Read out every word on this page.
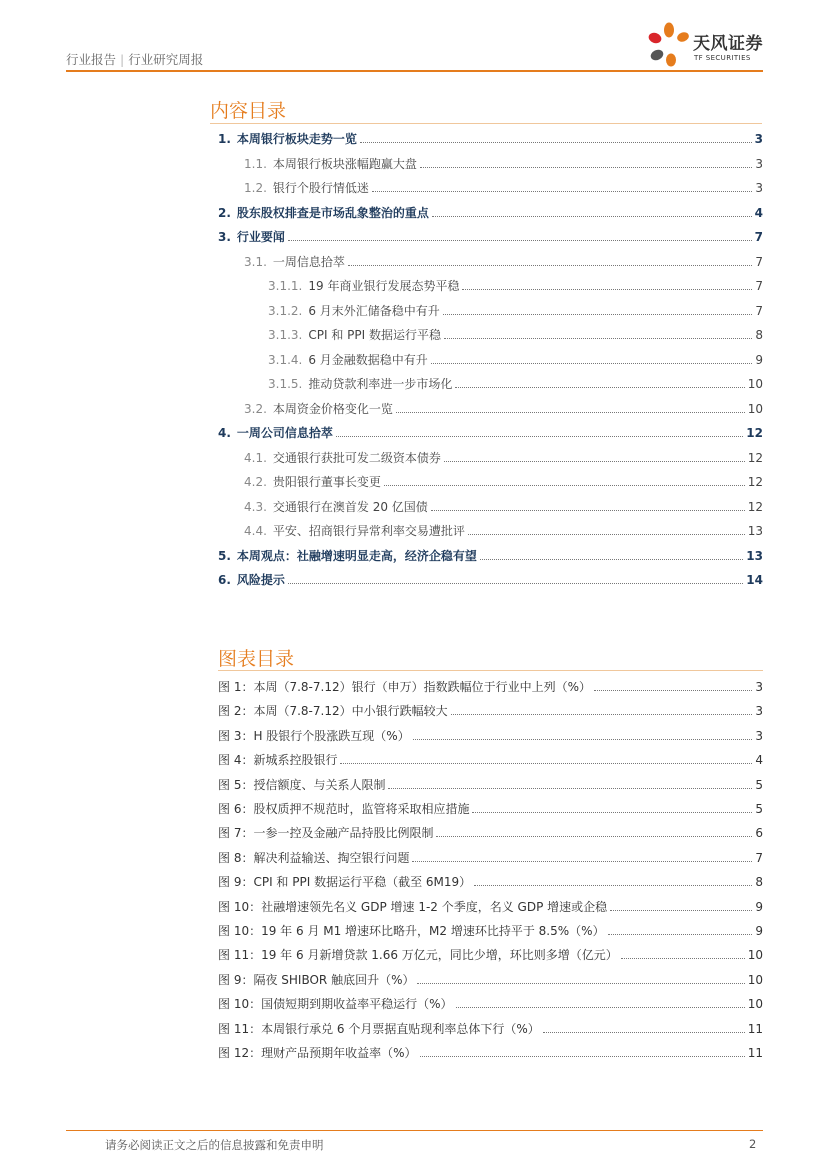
行业报告 | 行业研究周报
天风证券
TF SECURITIES
内容目录
1. 本周银行板块走势一览	3
1.1. 本周银行板块涨幅跑赢大盘	3
1.2. 银行个股行情低迷	3
2. 股东股权排查是市场乱象整治的重点	4
3. 行业要闻	7
3.1. 一周信息拾萃	7
3.1.1. 19 年商业银行发展态势平稳	7
3.1.2. 6 月末外汇储备稳中有升	7
3.1.3. CPI 和 PPI 数据运行平稳	8
3.1.4. 6 月金融数据稳中有升	9
3.1.5. 推动贷款利率进一步市场化	10
3.2. 本周资金价格变化一览	10
4. 一周公司信息拾萃	12
4.1. 交通银行获批可发二级资本债券	12
4.2. 贵阳银行董事长变更	12
4.3. 交通银行在澳首发 20 亿国债	12
4.4. 平安、招商银行异常利率交易遭批评	13
5. 本周观点：社融增速明显走高，经济企稳有望	13
6. 风险提示	14
图表目录
图 1： 本周（7.8-7.12）银行（申万）指数跌幅位于行业中上列（%）	3
图 2： 本周（7.8-7.12）中小银行跌幅较大	3
图 3： H 股银行个股涨跌互现（%）	3
图 4： 新城系控股银行	4
图 5： 授信额度、与关系人限制	5
图 6： 股权质押不规范时，监管将采取相应措施	5
图 7： 一参一控及金融产品持股比例限制	6
图 8： 解决利益输送、掏空银行问题	7
图 9： CPI 和 PPI 数据运行平稳（截至 6M19）	8
图 10： 社融增速领先名义 GDP 增速 1-2 个季度，名义 GDP 增速或企稳	9
图 10： 19 年 6 月 M1 增速环比略升，M2 增速环比持平于 8.5%（%）	9
图 11： 19 年 6 月新增贷款 1.66 万亿元，同比少增，环比则多增（亿元）	10
图 9： 隔夜 SHIBOR 触底回升（%）	10
图 10： 国债短期到期收益率平稳运行（%）	10
图 11： 本周银行承兑 6 个月票据直贴现利率总体下行（%）	11
图 12： 理财产品预期年收益率（%）	11
请务必阅读正文之后的信息披露和免责申明	2
